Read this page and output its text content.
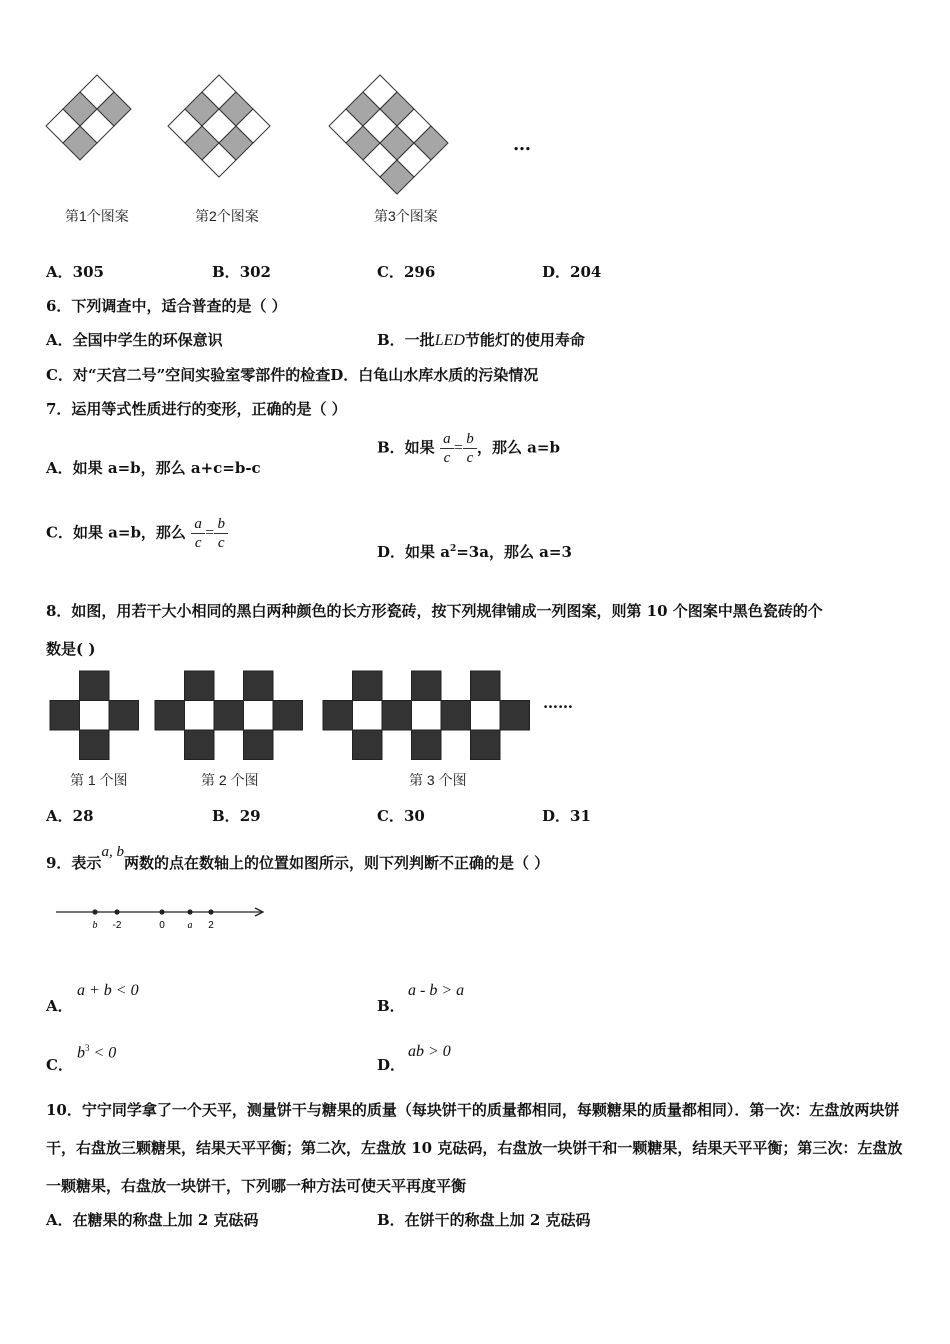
第1个图案	第2个图案	第3个图案
…
A．305	B．302	C．296	D．204
6．下列调查中，适合普查的是（ ）
A．全国中学生的环保意识	B．一批LED节能灯的使用寿命
C．对“天宫二号”空间实验室零部件的检查D．白龟山水库水质的污染情况
7．运用等式性质进行的变形，正确的是（ ）
A．如果 a=b，那么 a+c=b-c
B．如果 $\frac{a}{c} = \frac{b}{c}$ ，那么 a=b
C．如果 a=b，那么 $\frac{a}{c} = \frac{b}{c}$	D．如果 $a^2=3a$，那么 a=3
8．如图，用若干大小相同的黑白两种颜色的长方形瓷砖，按下列规律铺成一列图案，则第 10 个图案中黑色瓷砖的个
数是( )
第 1 个图	第 2 个图	第 3 个图
……
A．28	B．29	C．30	D．31
9．表示a, b两数的点在数轴上的位置如图所示，则下列判断不正确的是（ ）
b -2	0 a 2
A．
a + b < 0
B．
a - b > a
C．
$b^3 < 0$
D．
ab > 0
10．宁宁同学拿了一个天平，测量饼干与糖果的质量（每块饼干的质量都相同，每颗糖果的质量都相同）．第一次：左盘放两块饼干，右盘放三颗糖果，结果天平平衡；第二次，左盘放 10 克砝码，右盘放一块饼干和一颗糖果，结果天平平衡；第三次：左盘放一颗糖果，右盘放一块饼干，下列哪一种方法可使天平再度平衡
A．在糖果的称盘上加 2 克砝码	B．在饼干的称盘上加 2 克砝码
